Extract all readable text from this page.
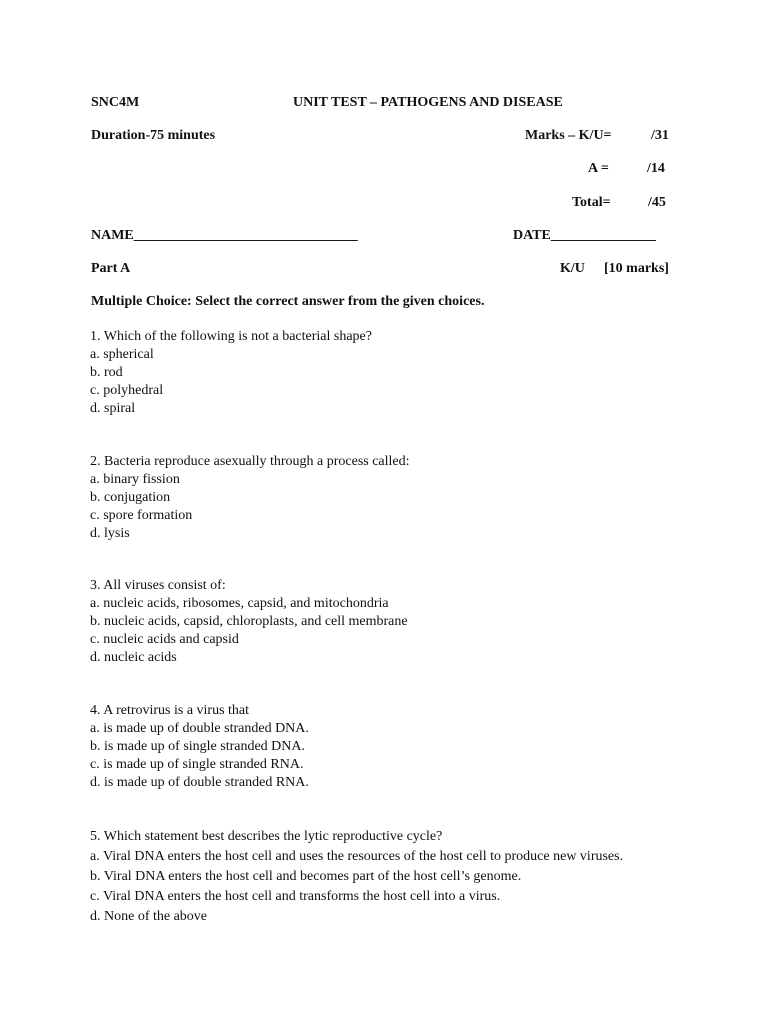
SNC4M	UNIT TEST – PATHOGENS AND DISEASE
Duration-75 minutes	Marks – K/U=	/31
A =	/14
Total=	/45
NAME________________________________	DATE_______________
Part A	K/U [10 marks]
Multiple Choice: Select the correct answer from the given choices.
1. Which of the following is not a bacterial shape?
a. spherical
b. rod
c. polyhedral
d. spiral
2. Bacteria reproduce asexually through a process called:
a. binary fission
b. conjugation
c. spore formation
d. lysis
3. All viruses consist of:
a. nucleic acids, ribosomes, capsid, and mitochondria
b. nucleic acids, capsid, chloroplasts, and cell membrane
c. nucleic acids and capsid
d. nucleic acids
4. A retrovirus is a virus that
a. is made up of double stranded DNA.
b. is made up of single stranded DNA.
c. is made up of single stranded RNA.
d. is made up of double stranded RNA.
5. Which statement best describes the lytic reproductive cycle?
a. Viral DNA enters the host cell and uses the resources of the host cell to produce new viruses.
b. Viral DNA enters the host cell and becomes part of the host cell’s genome.
c. Viral DNA enters the host cell and transforms the host cell into a virus.
d. None of the above
